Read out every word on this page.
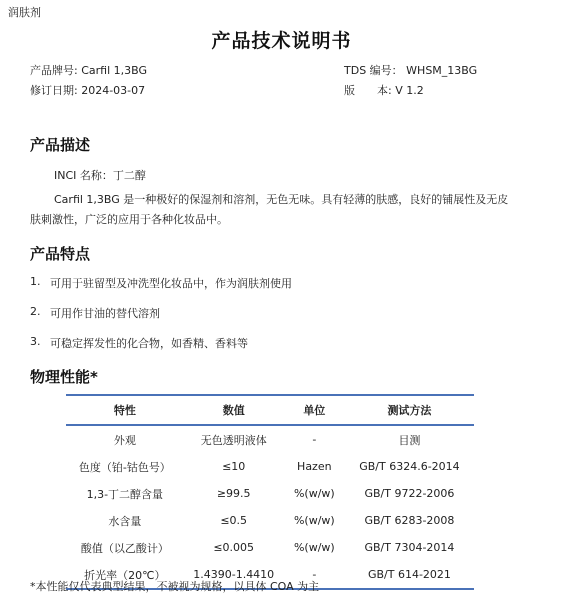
润肤剂
产品技术说明书
产品牌号: Carfil 1,3BG	TDS 编号： WHSM_13BG
修订日期: 2024-03-07	版　　本: V 1.2
产品描述
INCI 名称：丁二醇
Carfil 1,3BG 是一种极好的保湿剂和溶剂，无色无味。具有轻薄的肤感，良好的铺展性及无皮肤刺激性，广泛的应用于各种化妆品中。
产品特点
1. 可用于驻留型及冲洗型化妆品中，作为润肤剂使用
2. 可用作甘油的替代溶剂
3. 可稳定挥发性的化合物，如香精、香料等
物理性能*
特性	数值	单位	测试方法
外观	无色透明液体	-	目测
色度（铂-钴色号）	≤10	Hazen	GB/T 6324.6-2014
1,3-丁二醇含量	≥99.5	%(w/w)	GB/T 9722-2006
水含量	≤0.5	%(w/w)	GB/T 6283-2008
酸值（以乙酸计）	≤0.005	%(w/w)	GB/T 7304-2014
折光率（20℃）	1.4390-1.4410	-	GB/T 614-2021
*本性能仅代表典型结果，不被视为规格，以具体 COA 为主
